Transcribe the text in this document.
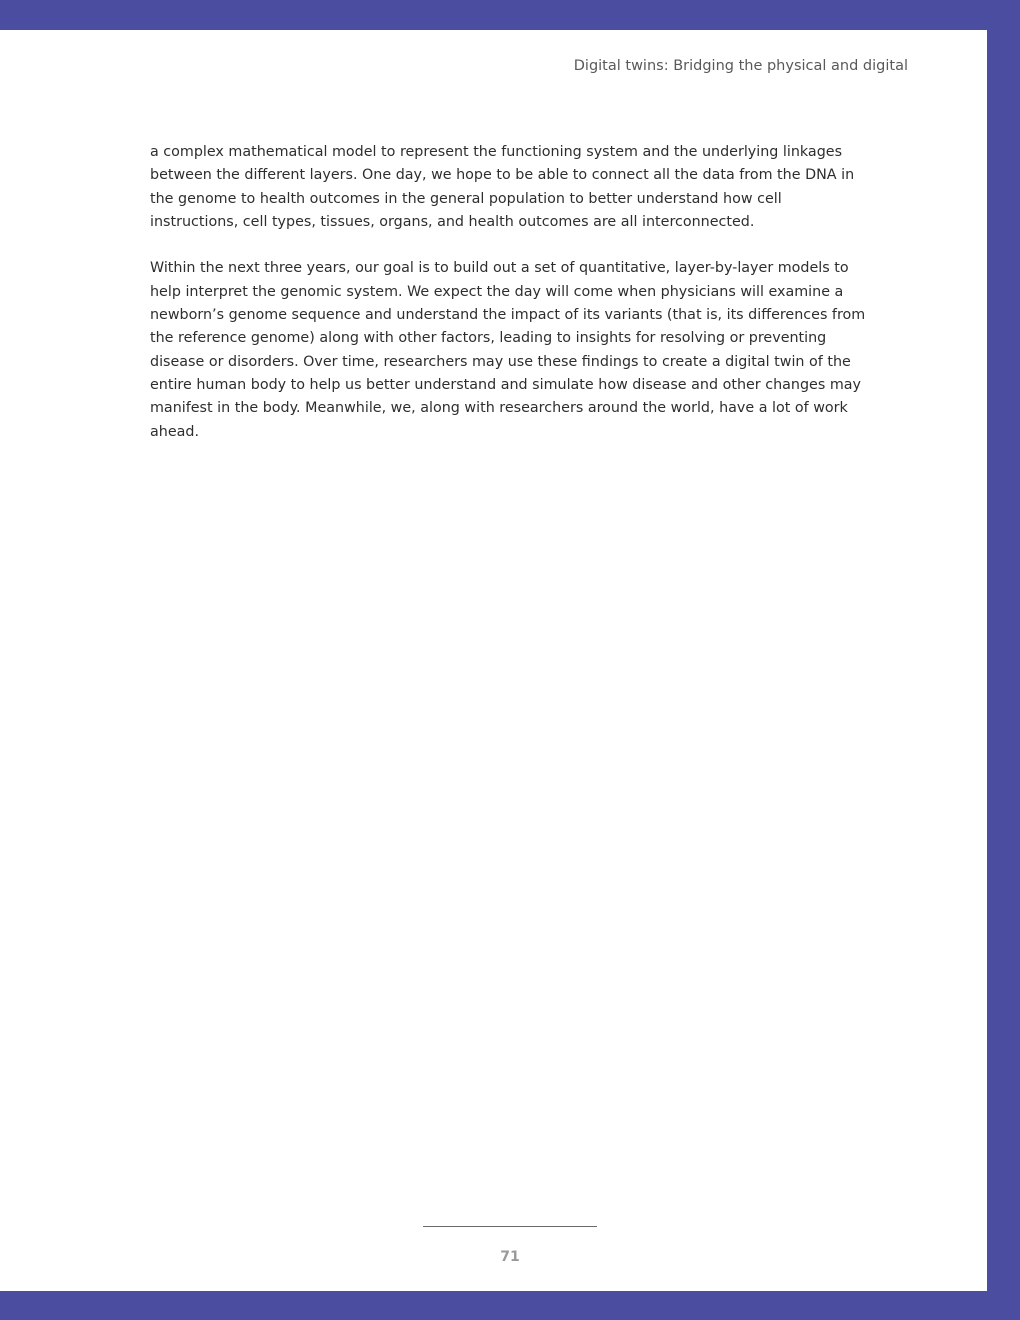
Digital twins: Bridging the physical and digital

a complex mathematical model to represent the functioning system and the underlying linkages between the different layers. One day, we hope to be able to connect all the data from the DNA in the genome to health outcomes in the general population to better understand how cell instructions, cell types, tissues, organs, and health outcomes are all interconnected.

Within the next three years, our goal is to build out a set of quantitative, layer-by-layer models to help interpret the genomic system. We expect the day will come when physicians will examine a newborn’s genome sequence and understand the impact of its variants (that is, its differences from the reference genome) along with other factors, leading to insights for resolving or preventing disease or disorders. Over time, researchers may use these findings to create a digital twin of the entire human body to help us better understand and simulate how disease and other changes may manifest in the body. Meanwhile, we, along with researchers around the world, have a lot of work ahead.

71
